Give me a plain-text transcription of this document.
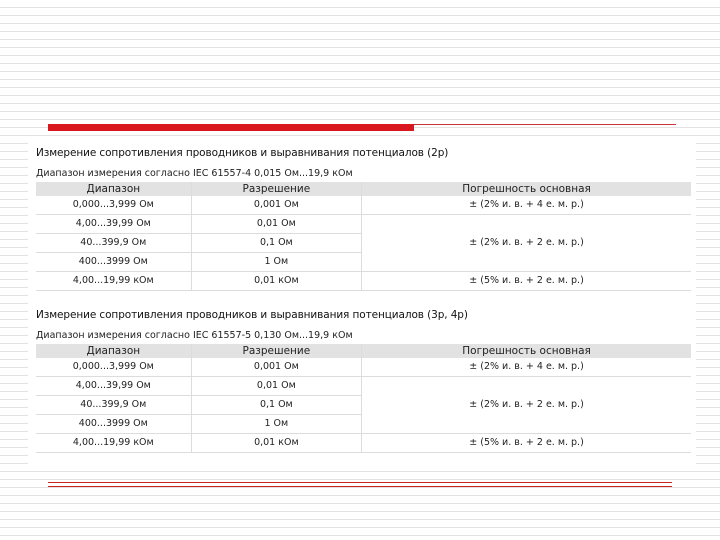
Измерение сопротивления проводников и выравнивания потенциалов (2p)
Диапазон измерения согласно IEC 61557-4 0,015 Ом...19,9 кОм
Диапазон	Разрешение	Погрешность основная
0,000...3,999 Ом	0,001 Ом	± (2% и. в. + 4 е. м. р.)
4,00...39,99 Ом	0,01 Ом	± (2% и. в. + 2 е. м. р.)
40...399,9 Ом	0,1 Ом	
400...3999 Ом	1 Ом	
4,00...19,99 кОм	0,01 кОм	± (5% и. в. + 2 е. м. р.)
Измерение сопротивления проводников и выравнивания потенциалов (3p, 4p)
Диапазон измерения согласно IEC 61557-5 0,130 Ом...19,9 кОм
Диапазон	Разрешение	Погрешность основная
0,000...3,999 Ом	0,001 Ом	± (2% и. в. + 4 е. м. р.)
4,00...39,99 Ом	0,01 Ом	± (2% и. в. + 2 е. м. р.)
40...399,9 Ом	0,1 Ом	
400...3999 Ом	1 Ом	
4,00...19,99 кОм	0,01 кОм	± (5% и. в. + 2 е. м. р.)
